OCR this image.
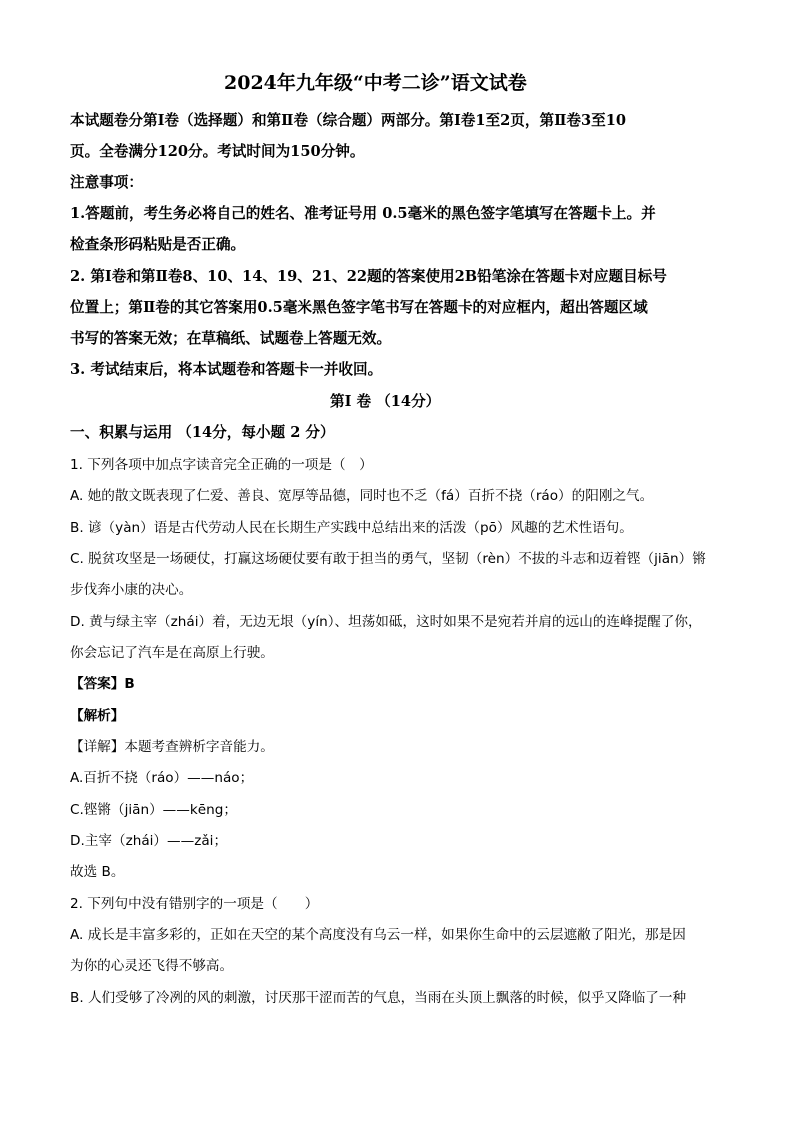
2024年九年级“中考二诊”语文试卷
本试题卷分第Ⅰ卷（选择题）和第Ⅱ卷（综合题）两部分。第Ⅰ卷1至2页，第Ⅱ卷3至10
页。全卷满分120分。考试时间为150分钟。
注意事项：
1.答题前，考生务必将自己的姓名、准考证号用 0.5毫米的黑色签字笔填写在答题卡上。并
检查条形码粘贴是否正确。
2. 第Ⅰ卷和第Ⅱ卷8、10、14、19、21、22题的答案使用2B铅笔涂在答题卡对应题目标号
位置上；第Ⅱ卷的其它答案用0.5毫米黑色签字笔书写在答题卡的对应框内，超出答题区域
书写的答案无效；在草稿纸、试题卷上答题无效。
3. 考试结束后，将本试题卷和答题卡一并收回。
第Ⅰ 卷 （14分）
一、积累与运用 （14分，每小题 2 分）
1. 下列各项中加点字读音完全正确的一项是（　）
A. 她的散文既表现了仁爱、善良、宽厚等品德，同时也不乏（fá）百折不挠（ráo）的阳刚之气。
B. 谚（yàn）语是古代劳动人民在长期生产实践中总结出来的活泼（pō）风趣的艺术性语句。
C. 脱贫攻坚是一场硬仗，打赢这场硬仗要有敢于担当的勇气，坚韧（rèn）不拔的斗志和迈着铿（jiān）锵
步伐奔小康的决心。
D. 黄与绿主宰（zhái）着，无边无垠（yín）、坦荡如砥，这时如果不是宛若并肩的远山的连峰提醒了你，
你会忘记了汽车是在高原上行驶。
【答案】B
【解析】
【详解】本题考查辨析字音能力。
A.百折不挠（ráo）——náo；
C.铿锵（jiān）——kēng；
D.主宰（zhái）——zǎi；
故选 B。
2. 下列句中没有错别字的一项是（　　）
A. 成长是丰富多彩的，正如在天空的某个高度没有乌云一样，如果你生命中的云层遮敝了阳光，那是因
为你的心灵还飞得不够高。
B. 人们受够了冷冽的风的刺激，讨厌那干涩而苦的气息，当雨在头顶上飘落的时候，似乎又降临了一种
